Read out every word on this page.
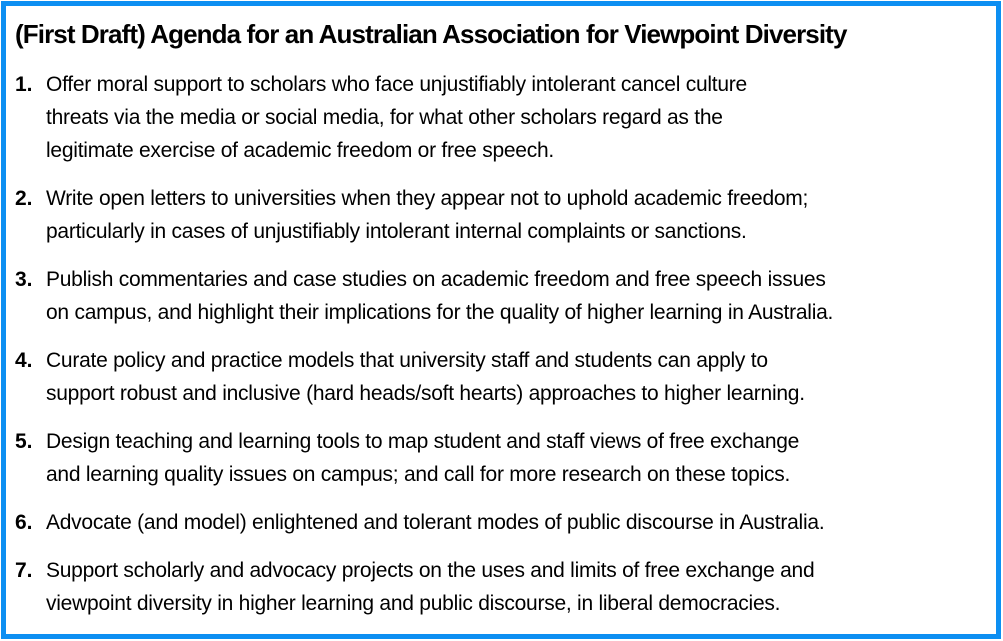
(First Draft) Agenda for an Australian Association for Viewpoint Diversity
1. Offer moral support to scholars who face unjustifiably intolerant cancel culture
threats via the media or social media, for what other scholars regard as the
legitimate exercise of academic freedom or free speech.
2. Write open letters to universities when they appear not to uphold academic freedom;
particularly in cases of unjustifiably intolerant internal complaints or sanctions.
3. Publish commentaries and case studies on academic freedom and free speech issues
on campus, and highlight their implications for the quality of higher learning in Australia.
4. Curate policy and practice models that university staff and students can apply to
support robust and inclusive (hard heads/soft hearts) approaches to higher learning.
5. Design teaching and learning tools to map student and staff views of free exchange
and learning quality issues on campus; and call for more research on these topics.
6. Advocate (and model) enlightened and tolerant modes of public discourse in Australia.
7. Support scholarly and advocacy projects on the uses and limits of free exchange and
viewpoint diversity in higher learning and public discourse, in liberal democracies.
